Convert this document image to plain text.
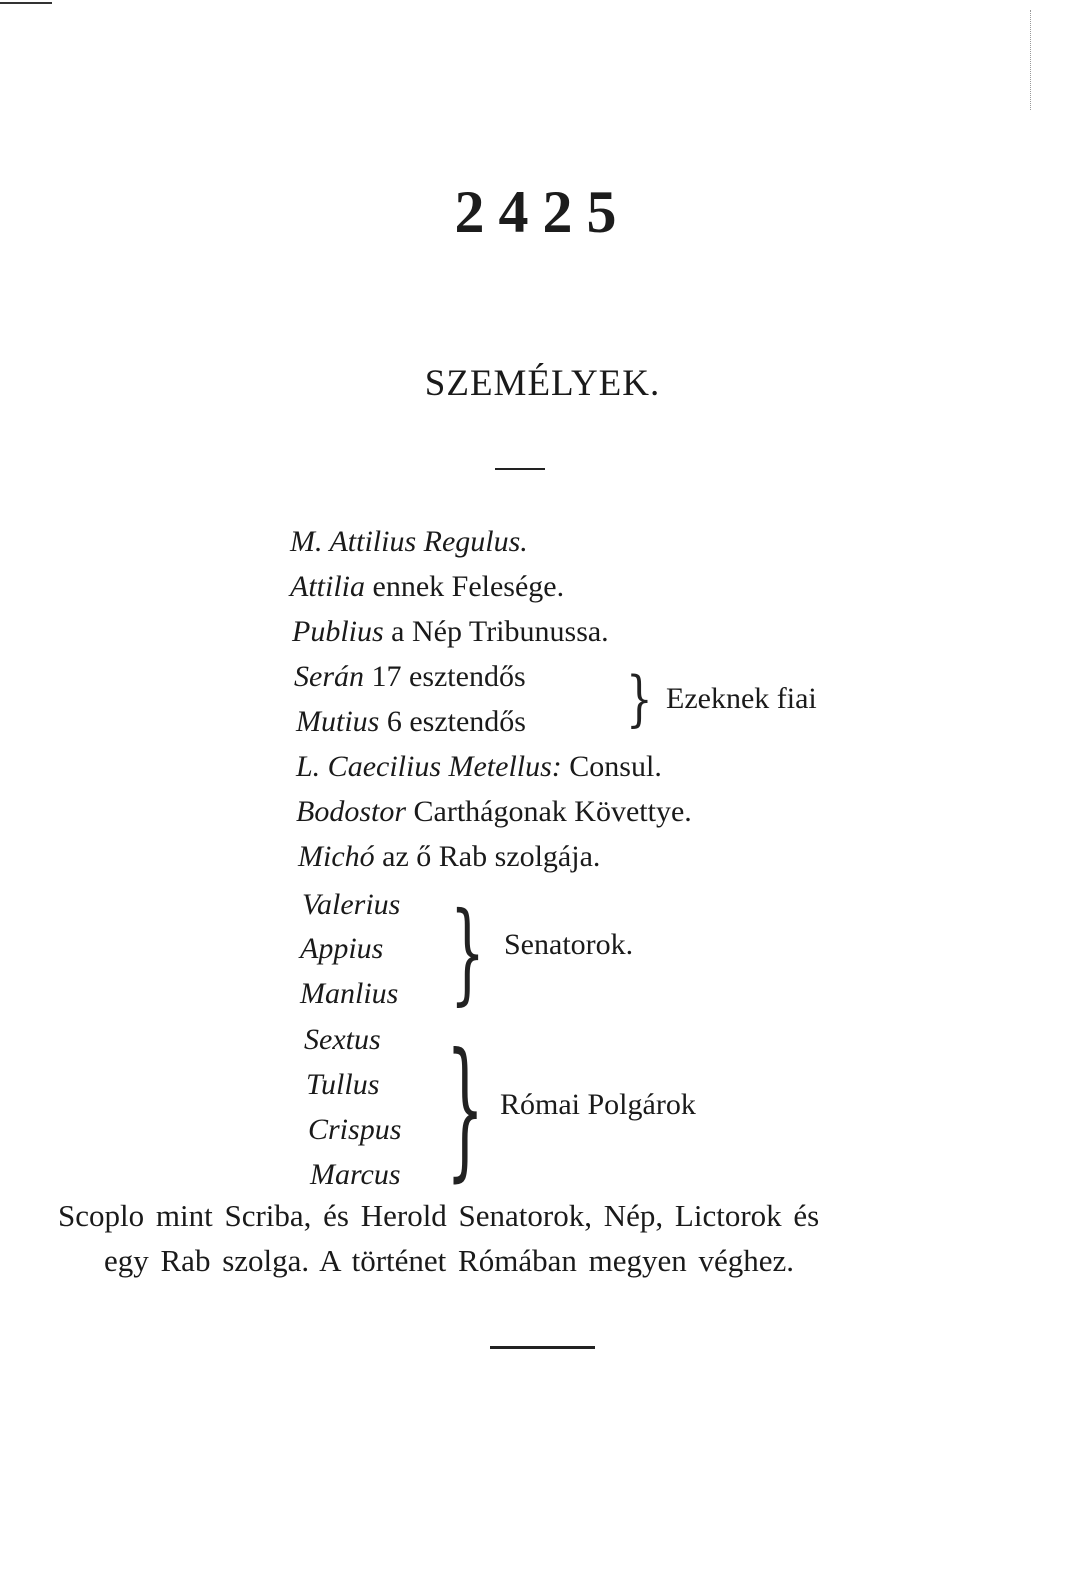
2425
SZEMÉLYEK.
M. Attilius Regulus.
Attilia ennek Felesége.
Publius a Nép Tribunussa.
Serán 17 esztendős
Mutius 6 esztendős } Ezeknek fiai
L. Caecilius Metellus: Consul.
Bodostor Carthágonak Követtye.
Michó az ő Rab szolgája.
Valerius
Appius
Manlius } Senatorok.
Sextus
Tullus
Crispus
Marcus } Római Polgárok
Scoplo mint Scriba, és Herold Senatorok, Nép, Lictorok és
egy Rab szolga. A történet Rómában megyen véghez.
